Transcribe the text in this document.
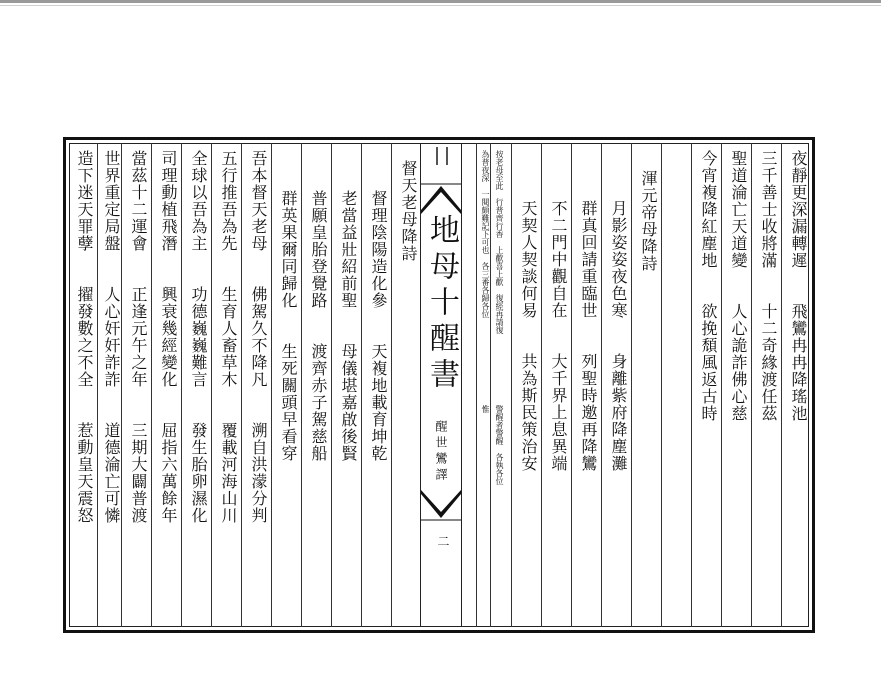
地母十醒書
醒世鸞譯
二
夜靜更深漏轉遲　　飛鸞冉冉降瑤池
三千善士收將滿　　十二奇緣渡任茲
聖道淪亡天道變　　人心詭詐佛心慈
今宵複降紅塵地　　欲挽頹風返古時
渾元帝母降詩
月影姿姿夜色寒　　身離紫府降塵灘
群真回請重臨世　　列聖時邀再降鸞
不二門中觀自在　　大千界上息異端
天契人契談何易　　共為斯民策治安
按老母至此　行普齊行香　上歡喜上歡　復經再請復
為普夜深　一閱頗難記下可也　各三番各歸各位
警醒者警醒　各執各位
惟
督天老母降詩
督理陰陽造化參　　天複地載育坤乾
老當益壯紹前聖　　母儀堪嘉啟後賢
普願皇胎登覺路　　渡齊赤子駕慈船
群英果爾同歸化　　生死關頭早看穿
吾本督天老母　　佛駕久不降凡　　溯自洪濛分判
五行推吾為先　　生育人畜草木　　覆載河海山川
全球以吾為主　　功德巍巍難言　　發生胎卵濕化
司理動植飛潛　　興衰幾經變化　　屈指六萬餘年
當茲十二運會　　正逢元午之年　　三期大闢普渡
世界重定局盤　　人心奸奸詐詐　　道德淪亡可憐
造下迷天罪孽　　擢發數之不全　　惹動皇天震怒
